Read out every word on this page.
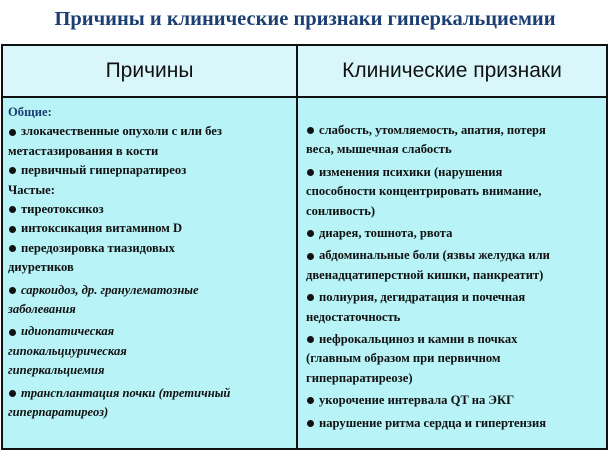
Причины и клинические признаки гиперкальциемии
Причины	Клинические признаки
Общие:
злокачественные опухоли с или без
метастазирования в кости
первичный гиперпаратиреоз
Частые:
тиреотоксикоз
интоксикация витамином D
передозировка тиазидовых
диуретиков
саркоидоз, др. гранулематозные
заболевания
идиопатическая
гипокальциурическая
гиперкальциемия
трансплантация почки (третичный
гиперпаратиреоз)
слабость, утомляемость, апатия, потеря
веса, мышечная слабость
изменения психики (нарушения
способности концентрировать внимание,
сонливость)
диарея, тошнота, рвота
абдоминальные боли (язвы желудка или
двенадцатиперстной кишки, панкреатит)
полиурия, дегидратация и почечная
недостаточность
нефрокальциноз и камни в почках
(главным образом при первичном
гиперпаратиреозе)
укорочение интервала QT на ЭКГ
нарушение ритма сердца и гипертензия
